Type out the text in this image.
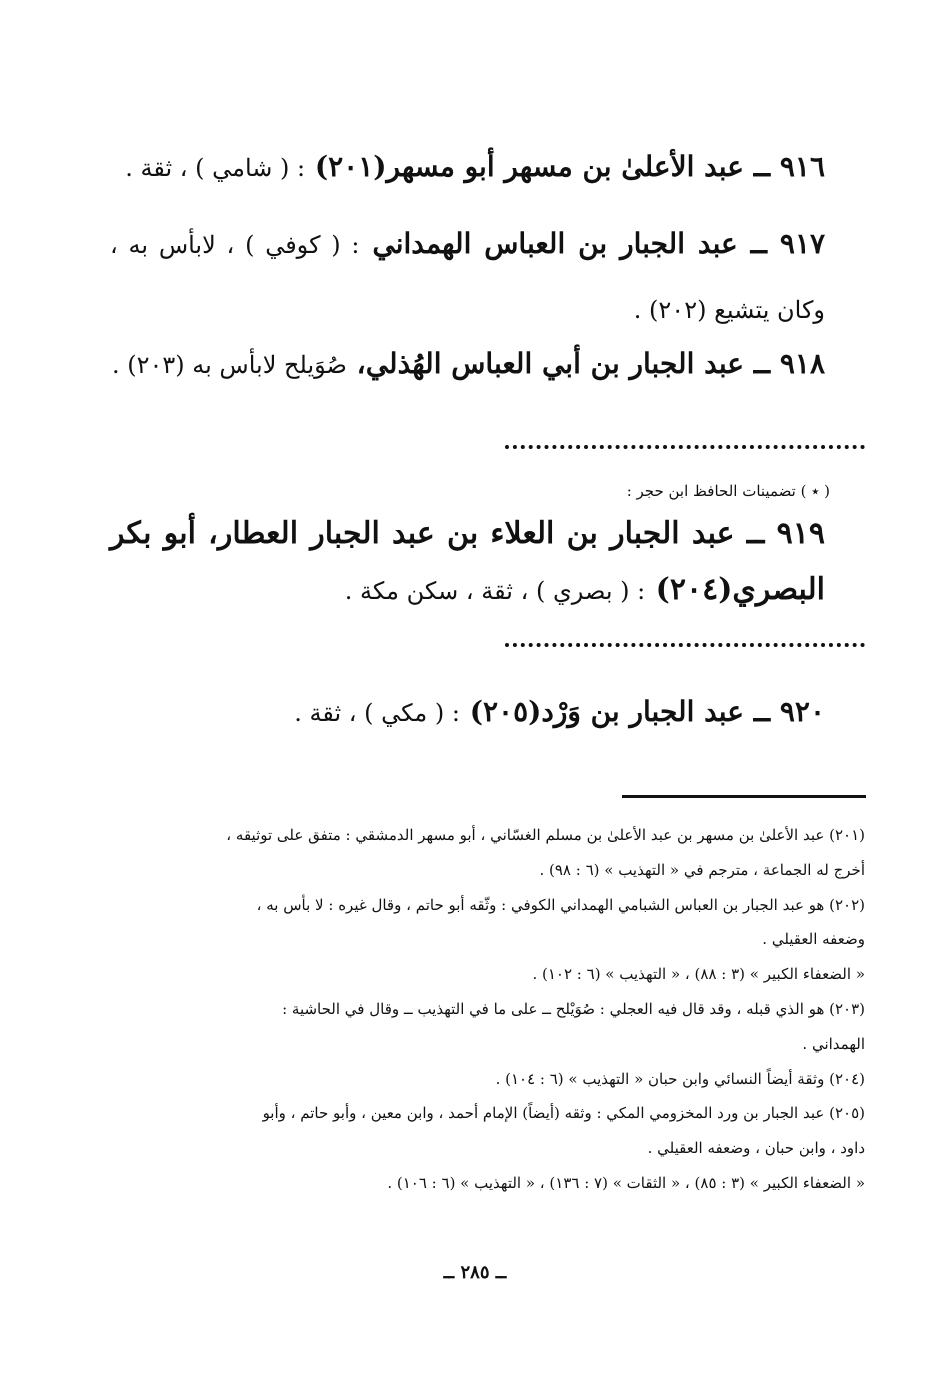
٩١٦ ــ عبد الأعلىٰ بن مسهر أبو مسهر(٢٠١) : ( شامي ) ، ثقة .
٩١٧ ــ عبد الجبار بن العباس الهمداني : ( كوفي ) ، لابأس به ، وكان يتشيع (٢٠٢) .
٩١٨ ــ عبد الجبار بن أبي العباس الهُذلي، صُوَيلح لابأس به (٢٠٣) .
( ٭ ) تضمينات الحافظ ابن حجر :
٩١٩ ــ عبد الجبار بن العلاء بن عبد الجبار العطار، أبو بكر البصري(٢٠٤) : ( بصري ) ، ثقة ، سكن مكة .
٩٢٠ ــ عبد الجبار بن وَرْد(٢٠٥) : ( مكي ) ، ثقة .
(٢٠١) عبد الأعلىٰ بن مسهر بن عبد الأعلىٰ بن مسلم الغسّاني ، أبو مسهر الدمشقي : متفق على توثيقه ،
أخرج له الجماعة ، مترجم في « التهذيب » (٦ : ٩٨) .
(٢٠٢) هو عبد الجبار بن العباس الشبامي الهمداني الكوفي : وثّقه أبو حاتم ، وقال غيره : لا بأس به ،
وضعفه العقيلي .
« الضعفاء الكبير » (٣ : ٨٨) ، « التهذيب » (٦ : ١٠٢) .
(٢٠٣) هو الذي قبله ، وقد قال فيه العجلي : صُوَيْلح ــ على ما في التهذيب ــ وقال في الحاشية :
الهمداني .
(٢٠٤) وثقة أيضاً النسائي وابن حبان « التهذيب » (٦ : ١٠٤) .
(٢٠٥) عبد الجبار بن ورد المخزومي المكي : وثقه (أيضاً) الإمام أحمد ، وابن معين ، وأبو حاتم ، وأبو
داود ، وابن حبان ، وضعفه العقيلي .
« الضعفاء الكبير » (٣ : ٨٥) ، « الثقات » (٧ : ١٣٦) ، « التهذيب » (٦ : ١٠٦) .
ــ ٢٨٥ ــ
